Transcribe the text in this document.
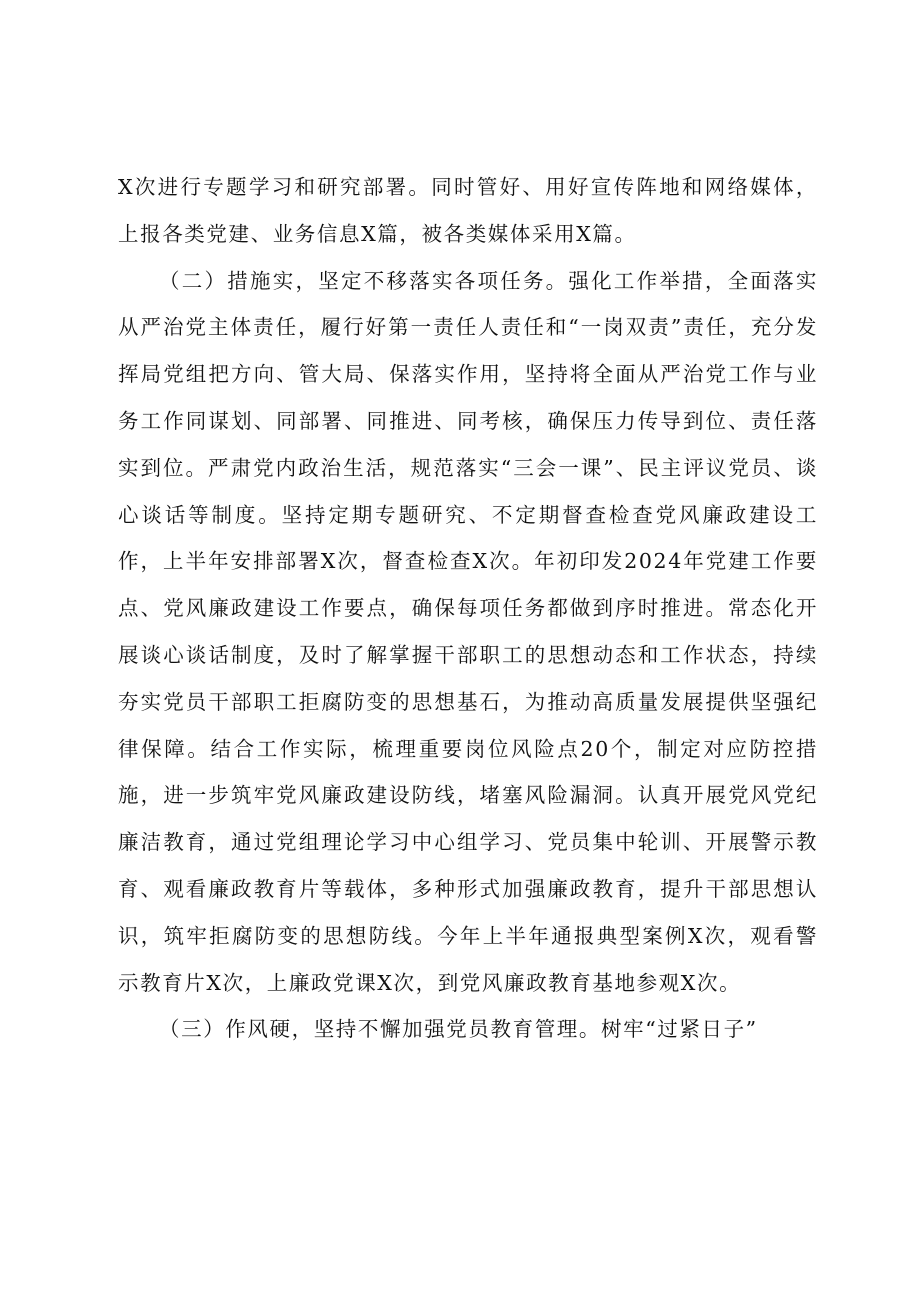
X次进行专题学习和研究部署。同时管好、用好宣传阵地和网络媒体，上报各类党建、业务信息X篇，被各类媒体采用X篇。

（二）措施实，坚定不移落实各项任务。强化工作举措，全面落实从严治党主体责任，履行好第一责任人责任和“一岗双责”责任，充分发挥局党组把方向、管大局、保落实作用，坚持将全面从严治党工作与业务工作同谋划、同部署、同推进、同考核，确保压力传导到位、责任落实到位。严肃党内政治生活，规范落实“三会一课”、民主评议党员、谈心谈话等制度。坚持定期专题研究、不定期督查检查党风廉政建设工作，上半年安排部署X次，督查检查X次。年初印发2024年党建工作要点、党风廉政建设工作要点，确保每项任务都做到序时推进。常态化开展谈心谈话制度，及时了解掌握干部职工的思想动态和工作状态，持续夯实党员干部职工拒腐防变的思想基石，为推动高质量发展提供坚强纪律保障。结合工作实际，梳理重要岗位风险点20个，制定对应防控措施，进一步筑牢党风廉政建设防线，堵塞风险漏洞。认真开展党风党纪廉洁教育，通过党组理论学习中心组学习、党员集中轮训、开展警示教育、观看廉政教育片等载体，多种形式加强廉政教育，提升干部思想认识，筑牢拒腐防变的思想防线。今年上半年通报典型案例X次，观看警示教育片X次，上廉政党课X次，到党风廉政教育基地参观X次。

（三）作风硬，坚持不懈加强党员教育管理。树牢“过紧日子”
